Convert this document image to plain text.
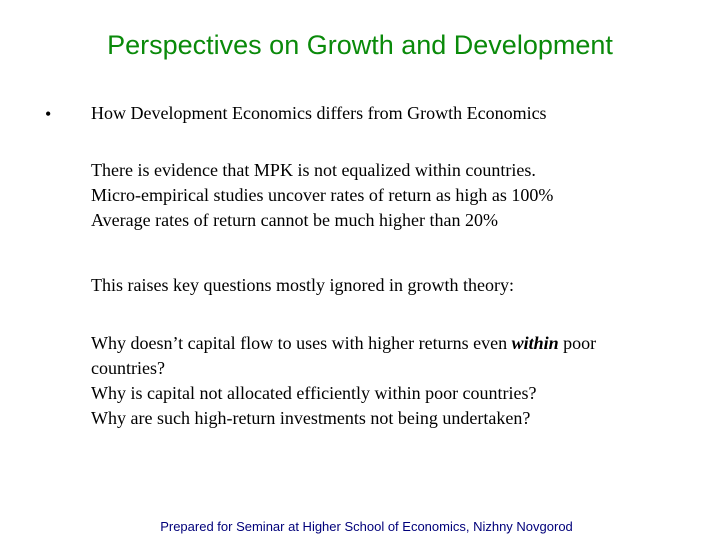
Perspectives on Growth and Development
• How Development Economics differs from Growth Economics
There is evidence that MPK is not equalized within countries.
Micro-empirical studies uncover rates of return as high as 100%
Average rates of return cannot be much higher than 20%
This raises key questions mostly ignored in growth theory:
Why doesn’t capital flow to uses with higher returns even within poor
countries?
Why is capital not allocated efficiently within poor countries?
Why are such high-return investments not being undertaken?
Prepared for Seminar at Higher School of Economics, Nizhny Novgorod
